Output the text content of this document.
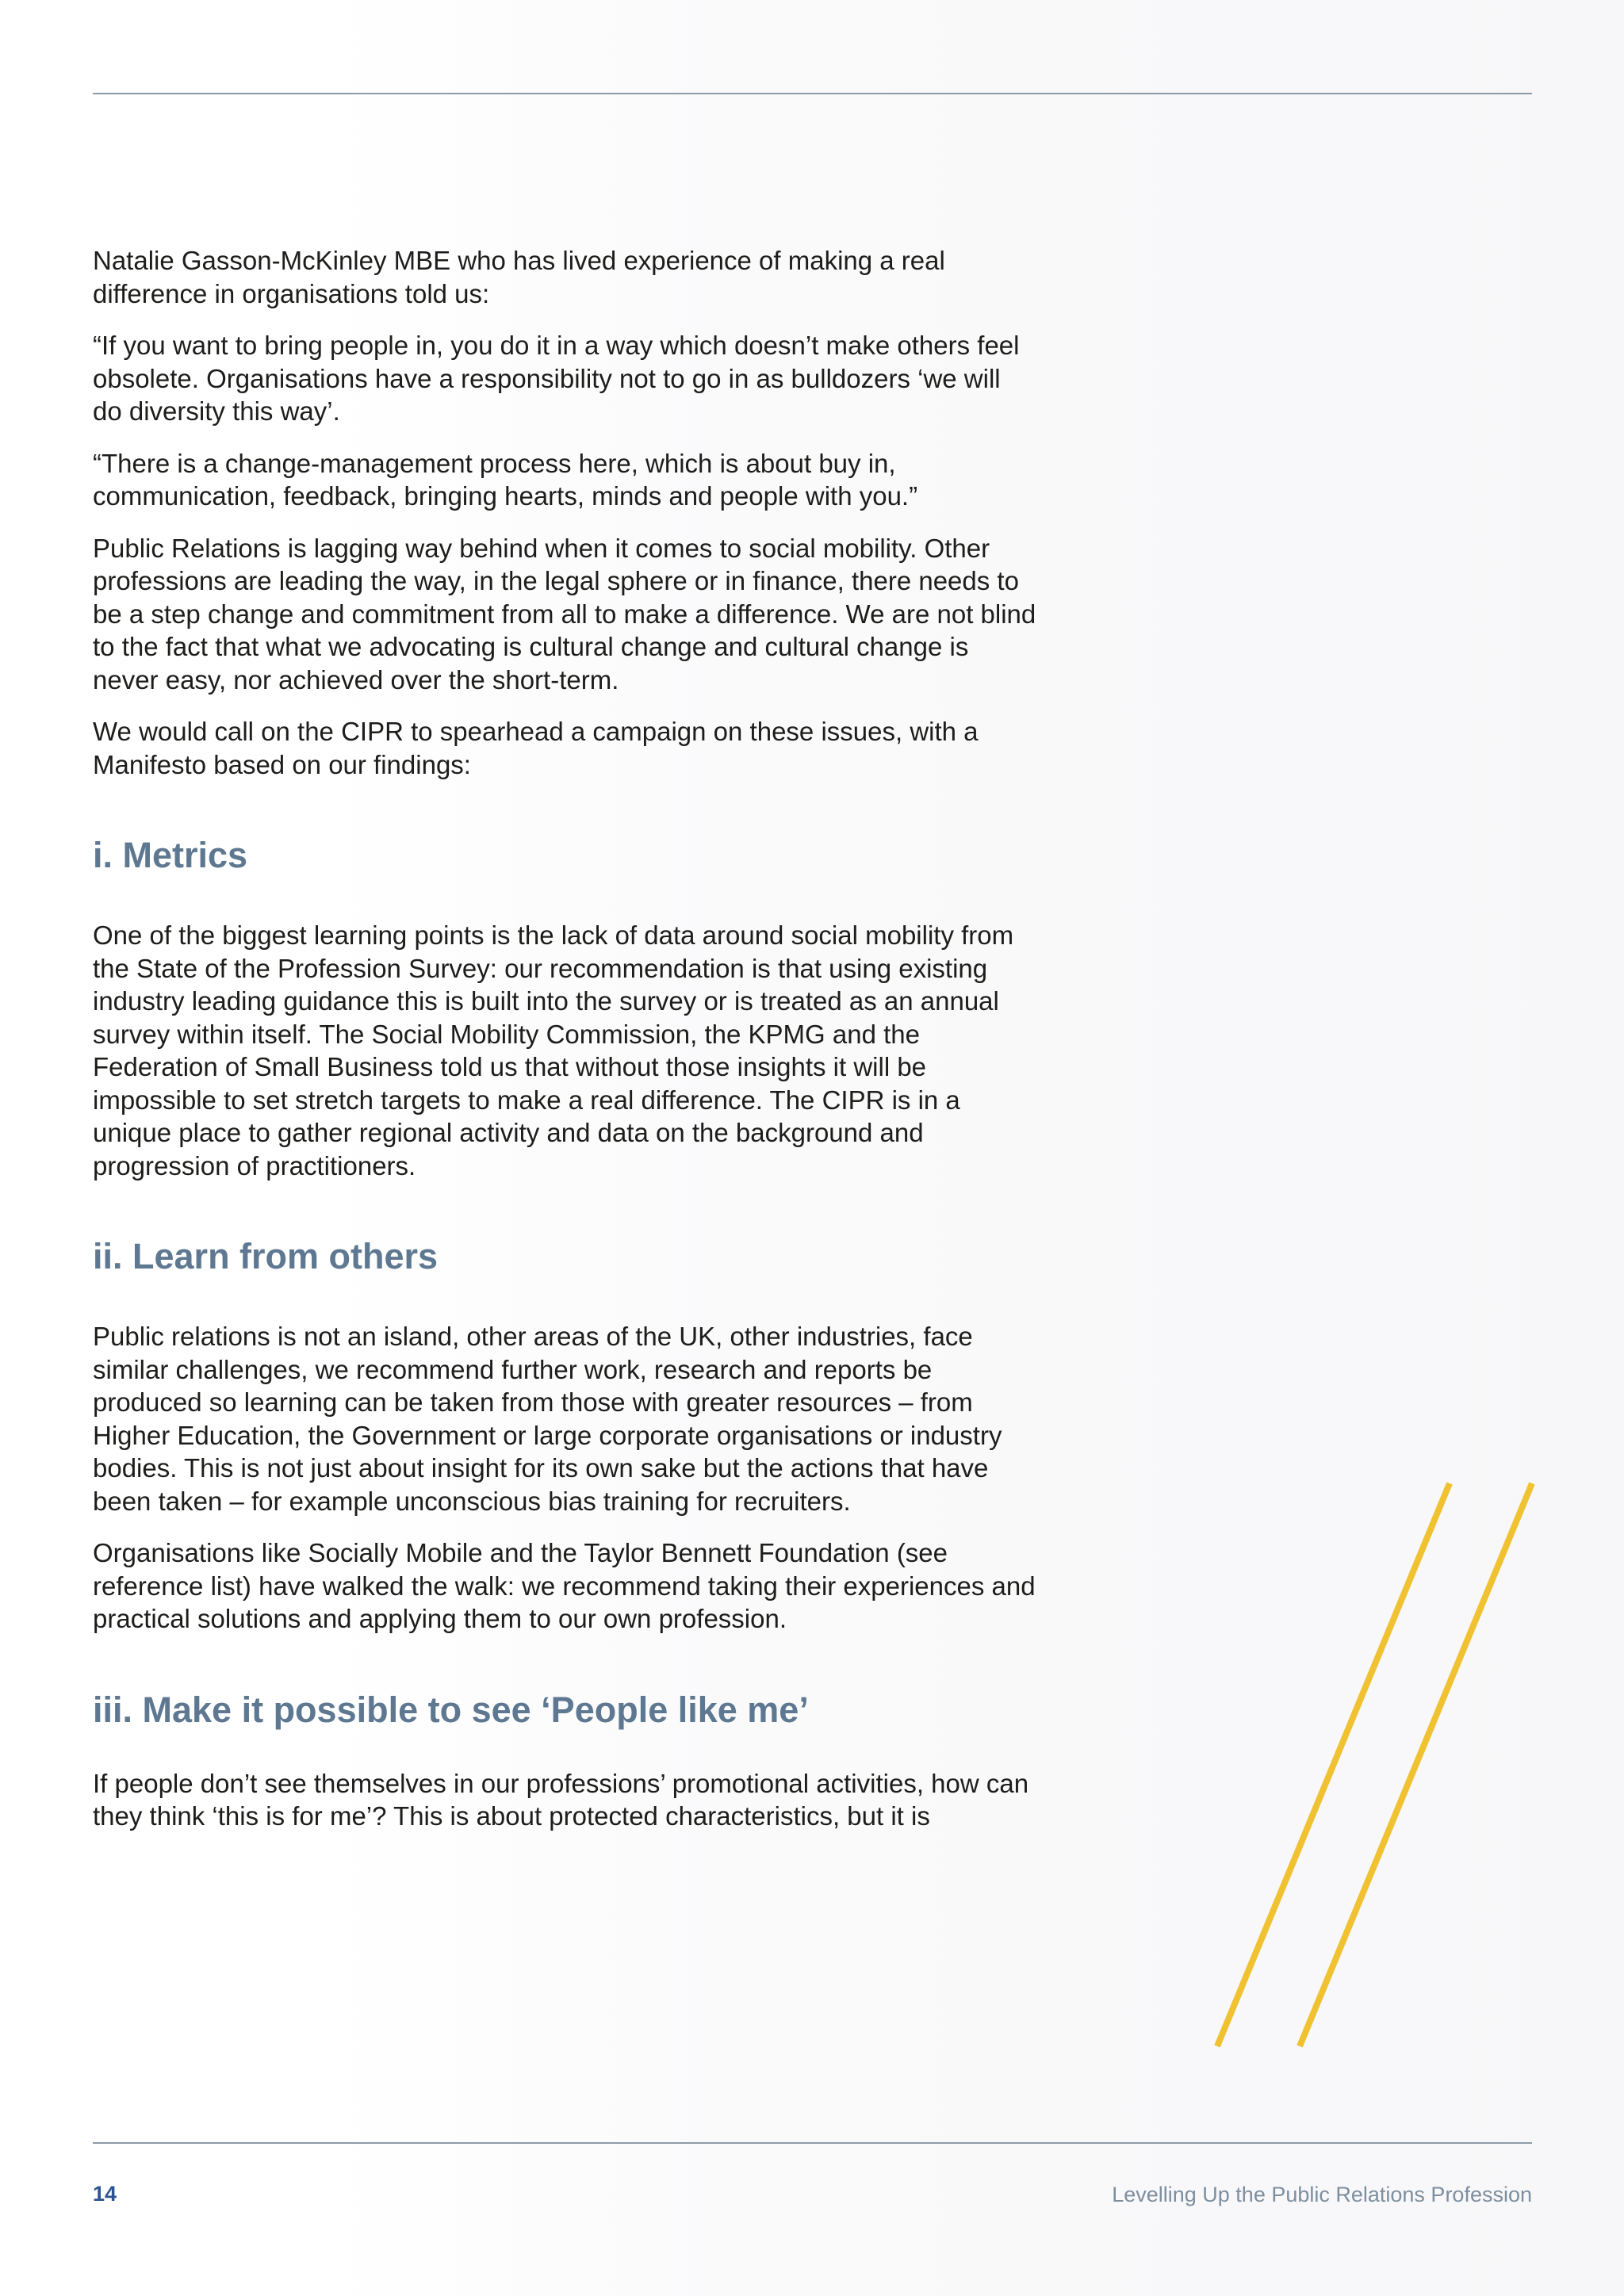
Natalie Gasson-McKinley MBE who has lived experience of making a real difference in organisations told us:

“If you want to bring people in, you do it in a way which doesn’t make others feel obsolete. Organisations have a responsibility not to go in as bulldozers ‘we will do diversity this way’.

“There is a change-management process here, which is about buy in, communication, feedback, bringing hearts, minds and people with you.”

Public Relations is lagging way behind when it comes to social mobility. Other professions are leading the way, in the legal sphere or in finance, there needs to be a step change and commitment from all to make a difference. We are not blind to the fact that what we advocating is cultural change and cultural change is never easy, nor achieved over the short-term.

We would call on the CIPR to spearhead a campaign on these issues, with a Manifesto based on our findings:

i. Metrics

One of the biggest learning points is the lack of data around social mobility from the State of the Profession Survey: our recommendation is that using existing industry leading guidance this is built into the survey or is treated as an annual survey within itself. The Social Mobility Commission, the KPMG and the Federation of Small Business told us that without those insights it will be impossible to set stretch targets to make a real difference. The CIPR is in a unique place to gather regional activity and data on the background and progression of practitioners.

ii. Learn from others

Public relations is not an island, other areas of the UK, other industries, face similar challenges, we recommend further work, research and reports be produced so learning can be taken from those with greater resources – from Higher Education, the Government or large corporate organisations or industry bodies. This is not just about insight for its own sake but the actions that have been taken – for example unconscious bias training for recruiters.

Organisations like Socially Mobile and the Taylor Bennett Foundation (see reference list) have walked the walk: we recommend taking their experiences and practical solutions and applying them to our own profession.

iii. Make it possible to see ‘People like me’

If people don’t see themselves in our professions’ promotional activities, how can they think ‘this is for me’? This is about protected characteristics, but it is

14	Levelling Up the Public Relations Profession
